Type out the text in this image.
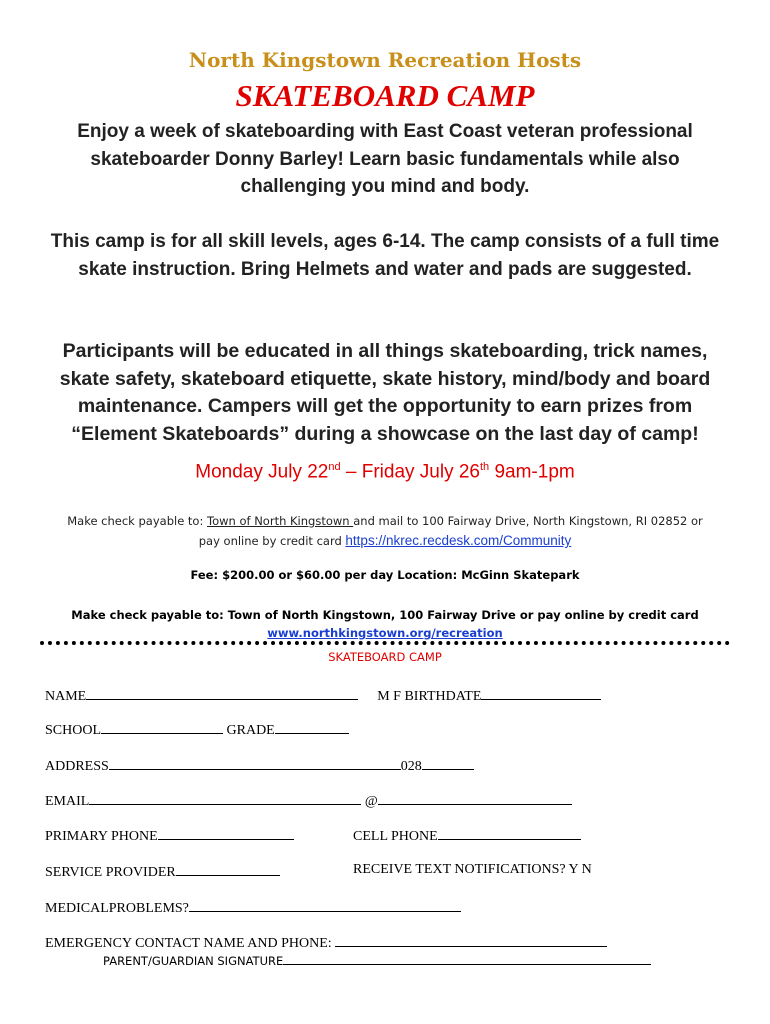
North Kingstown Recreation Hosts
SKATEBOARD CAMP
Enjoy a week of skateboarding with East Coast veteran professional skateboarder Donny Barley! Learn basic fundamentals while also challenging you mind and body.
This camp is for all skill levels, ages 6-14. The camp consists of a full time skate instruction. Bring Helmets and water and pads are suggested.
Participants will be educated in all things skateboarding, trick names, skate safety, skateboard etiquette, skate history, mind/body and board maintenance. Campers will get the opportunity to earn prizes from “Element Skateboards” during a showcase on the last day of camp!
Monday July 22nd – Friday July 26th 9am-1pm
Make check payable to: Town of North Kingstown and mail to 100 Fairway Drive, North Kingstown, RI 02852 or pay online by credit card https://nkrec.recdesk.com/Community
Fee: $200.00 or $60.00 per day Location: McGinn Skatepark
Make check payable to: Town of North Kingstown, 100 Fairway Drive or pay online by credit card
www.northkingstown.org/recreation
SKATEBOARD CAMP
NAME	M F BIRTHDATE
SCHOOL	GRADE
ADDRESS	028
EMAIL	@
PRIMARY PHONE	CELL PHONE
SERVICE PROVIDER	RECEIVE TEXT NOTIFICATIONS? Y N
MEDICALPROBLEMS?
EMERGENCY CONTACT NAME AND PHONE:
PARENT/GUARDIAN SIGNATURE
